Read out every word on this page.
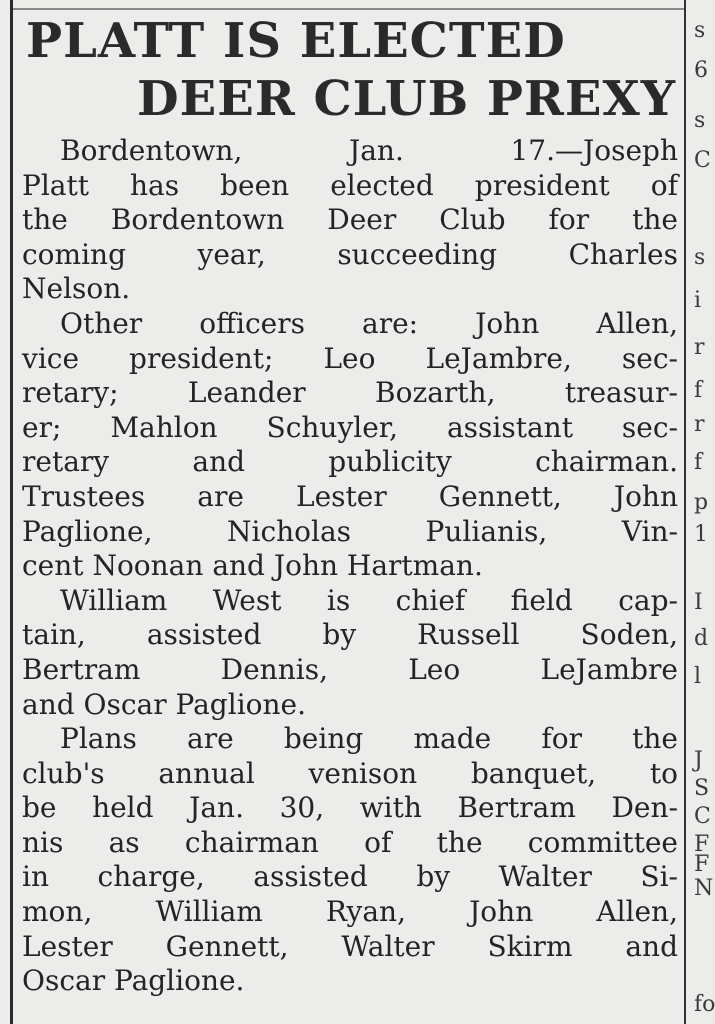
PLATT IS ELECTED
DEER CLUB PREXY
Bordentown, Jan. 17.—Joseph
Platt has been elected president of
the Bordentown Deer Club for the
coming year, succeeding Charles
Nelson.
Other officers are: John Allen,
vice president; Leo LeJambre, sec-
retary; Leander Bozarth, treasur-
er; Mahlon Schuyler, assistant sec-
retary and publicity chairman.
Trustees are Lester Gennett, John
Paglione, Nicholas Pulianis, Vin-
cent Noonan and John Hartman.
William West is chief field cap-
tain, assisted by Russell Soden,
Bertram Dennis, Leo LeJambre
and Oscar Paglione.
Plans are being made for the
club's annual venison banquet, to
be held Jan. 30, with Bertram Den-
nis as chairman of the committee
in charge, assisted by Walter Si-
mon, William Ryan, John Allen,
Lester Gennett, Walter Skirm and
Oscar Paglione.
s
6
s
C
s
i
r
f
r
f
p
1
I
d
l
J
S
C
F
F
N
fo
